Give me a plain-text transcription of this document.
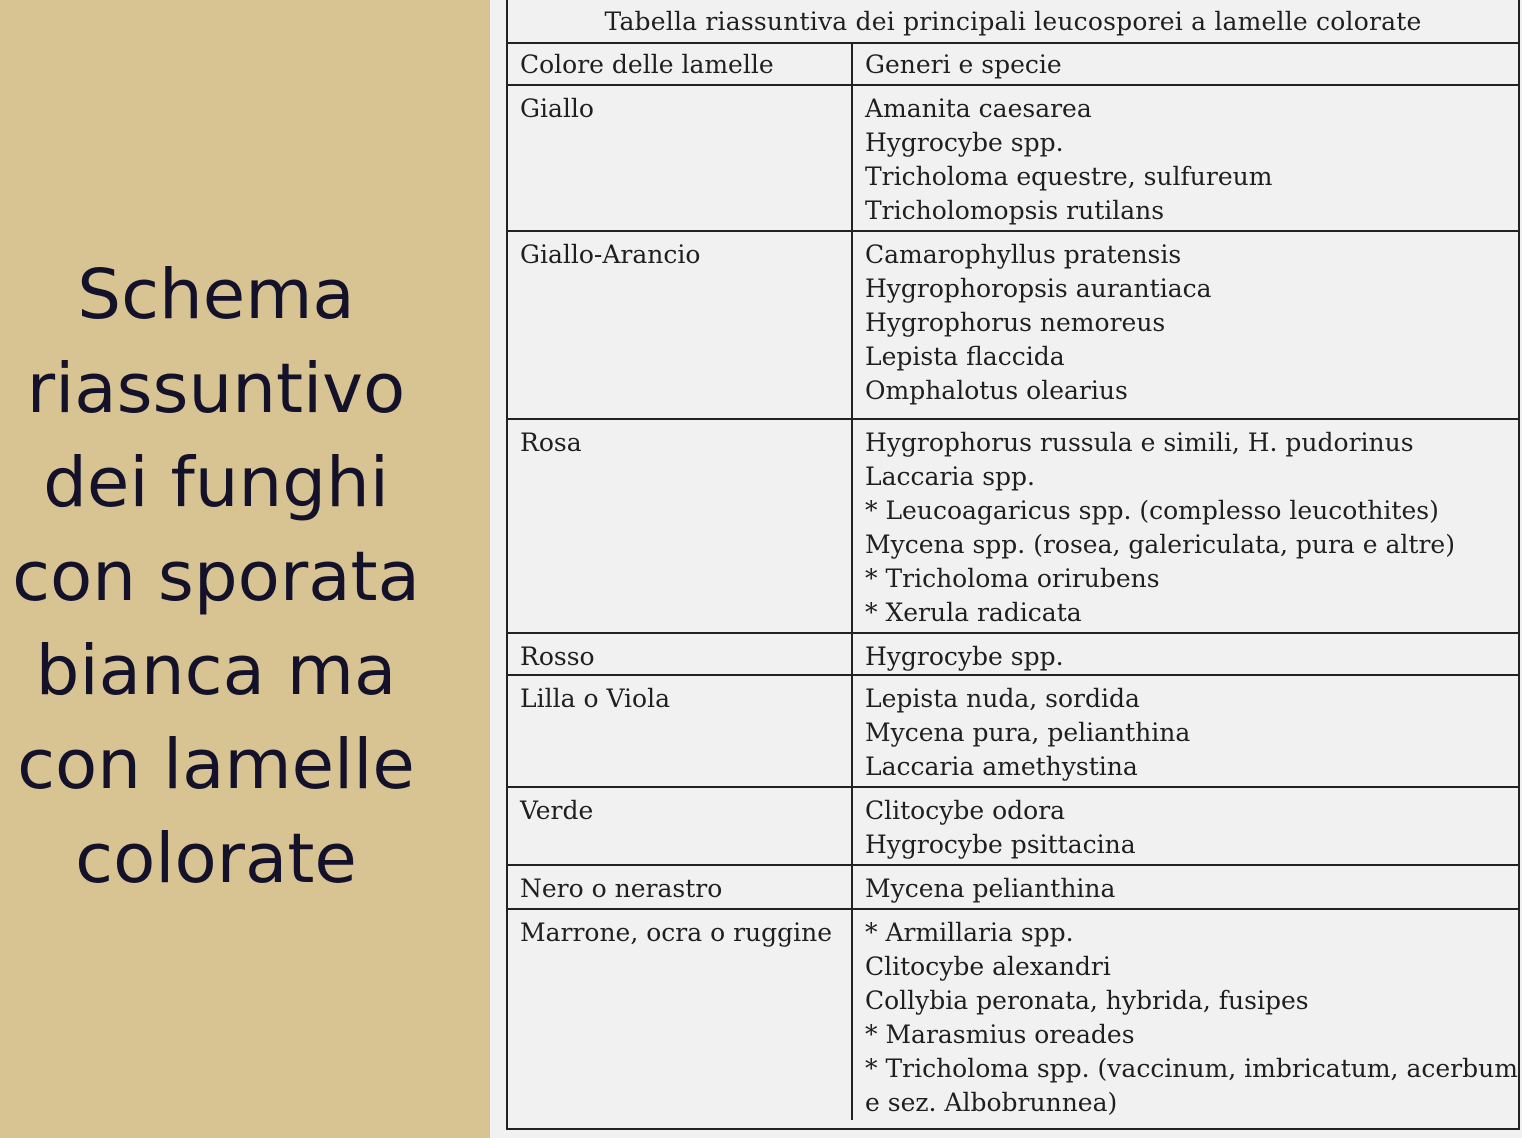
Schema
riassuntivo
dei funghi
con sporata
bianca ma
con lamelle
colorate
Tabella riassuntiva dei principali leucosporei a lamelle colorate
Colore delle lamelle	Generi e specie
Giallo	Amanita caesarea
Hygrocybe spp.
Tricholoma equestre, sulfureum
Tricholomopsis rutilans
Giallo-Arancio	Camarophyllus pratensis
Hygrophoropsis aurantiaca
Hygrophorus nemoreus
Lepista flaccida
Omphalotus olearius
Rosa	Hygrophorus russula e simili, H. pudorinus
Laccaria spp.
* Leucoagaricus spp. (complesso leucothites)
Mycena spp. (rosea, galericulata, pura e altre)
* Tricholoma orirubens
* Xerula radicata
Rosso	Hygrocybe spp.
Lilla o Viola	Lepista nuda, sordida
Mycena pura, pelianthina
Laccaria amethystina
Verde	Clitocybe odora
Hygrocybe psittacina
Nero o nerastro	Mycena pelianthina
Marrone, ocra o ruggine	* Armillaria spp.
Clitocybe alexandri
Collybia peronata, hybrida, fusipes
* Marasmius oreades
* Tricholoma spp. (vaccinum, imbricatum, acerbum
e sez. Albobrunnea)
